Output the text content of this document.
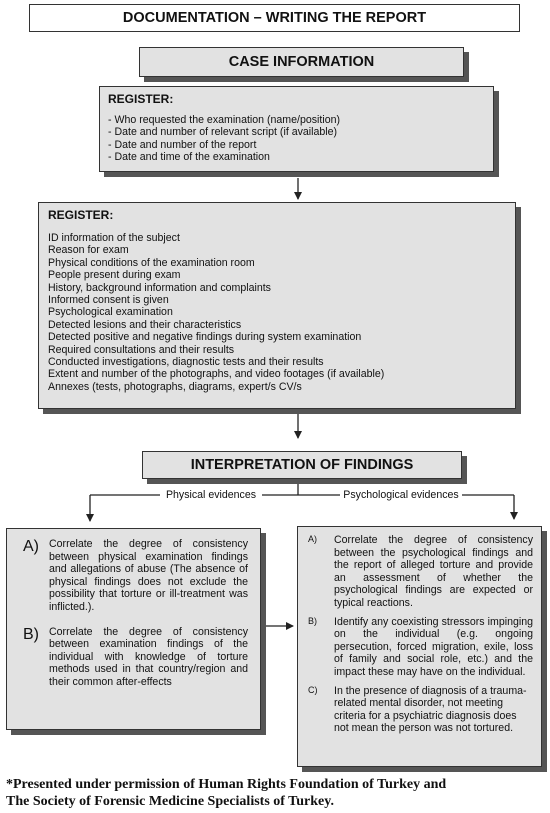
DOCUMENTATION – WRITING THE REPORT
CASE INFORMATION
REGISTER:
- Who requested the examination (name/position)
- Date and number of relevant script (if available)
- Date and number of the report
- Date and time of the examination
REGISTER:
ID information of the subject
Reason for exam
Physical conditions of the examination room
People present during exam
History, background information and complaints
Informed consent is given
Psychological examination
Detected lesions and their characteristics
Detected positive and negative findings during system examination
Required consultations and their results
Conducted investigations, diagnostic tests and their results
Extent and number of the photographs, and video footages (if available)
Annexes (tests, photographs, diagrams, expert/s CV/s
INTERPRETATION OF FINDINGS
Physical evidences	Psychological evidences
A) Correlate the degree of consistency between physical examination findings and allegations of abuse (The absence of physical findings does not exclude the possibility that torture or ill-treatment was inflicted.).
B) Correlate the degree of consistency between examination findings of the individual with knowledge of torture methods used in that country/region and their common after-effects
A)	Correlate the degree of consistency between the psychological findings and the report of alleged torture and provide an assessment of whether the psychological findings are expected or typical reactions.
B)	Identify any coexisting stressors impinging on the individual (e.g. ongoing persecution, forced migration, exile, loss of family and social role, etc.) and the impact these may have on the individual.
C)	In the presence of diagnosis of a trauma-related mental disorder, not meeting criteria for a psychiatric diagnosis does not mean the person was not tortured.
*Presented under permission of Human Rights Foundation of Turkey and
The Society of Forensic Medicine Specialists of Turkey.
